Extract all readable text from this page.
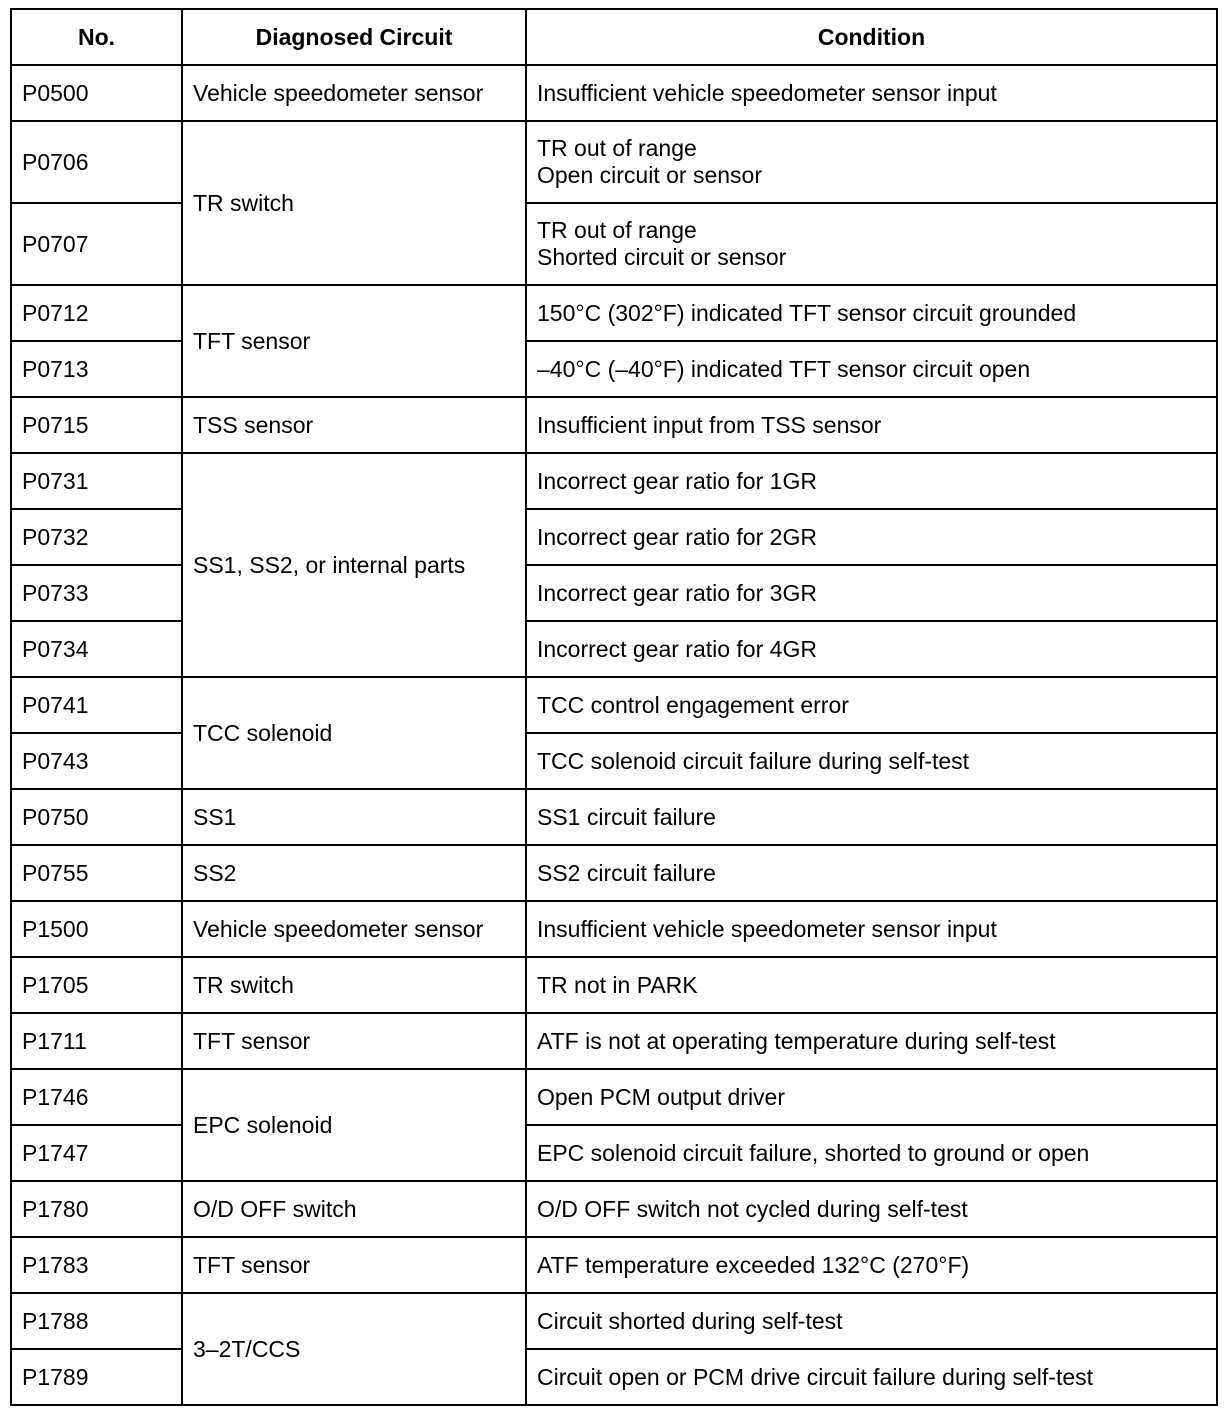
No.	Diagnosed Circuit	Condition
P0500	Vehicle speedometer sensor	Insufficient vehicle speedometer sensor input
P0706	TR switch	TR out of range
Open circuit or sensor
P0707		TR out of range
Shorted circuit or sensor
P0712	TFT sensor	150°C (302°F) indicated TFT sensor circuit grounded
P0713		–40°C (–40°F) indicated TFT sensor circuit open
P0715	TSS sensor	Insufficient input from TSS sensor
P0731	SS1, SS2, or internal parts	Incorrect gear ratio for 1GR
P0732		Incorrect gear ratio for 2GR
P0733		Incorrect gear ratio for 3GR
P0734		Incorrect gear ratio for 4GR
P0741	TCC solenoid	TCC control engagement error
P0743		TCC solenoid circuit failure during self-test
P0750	SS1	SS1 circuit failure
P0755	SS2	SS2 circuit failure
P1500	Vehicle speedometer sensor	Insufficient vehicle speedometer sensor input
P1705	TR switch	TR not in PARK
P1711	TFT sensor	ATF is not at operating temperature during self-test
P1746	EPC solenoid	Open PCM output driver
P1747		EPC solenoid circuit failure, shorted to ground or open
P1780	O/D OFF switch	O/D OFF switch not cycled during self-test
P1783	TFT sensor	ATF temperature exceeded 132°C (270°F)
P1788	3–2T/CCS	Circuit shorted during self-test
P1789		Circuit open or PCM drive circuit failure during self-test
